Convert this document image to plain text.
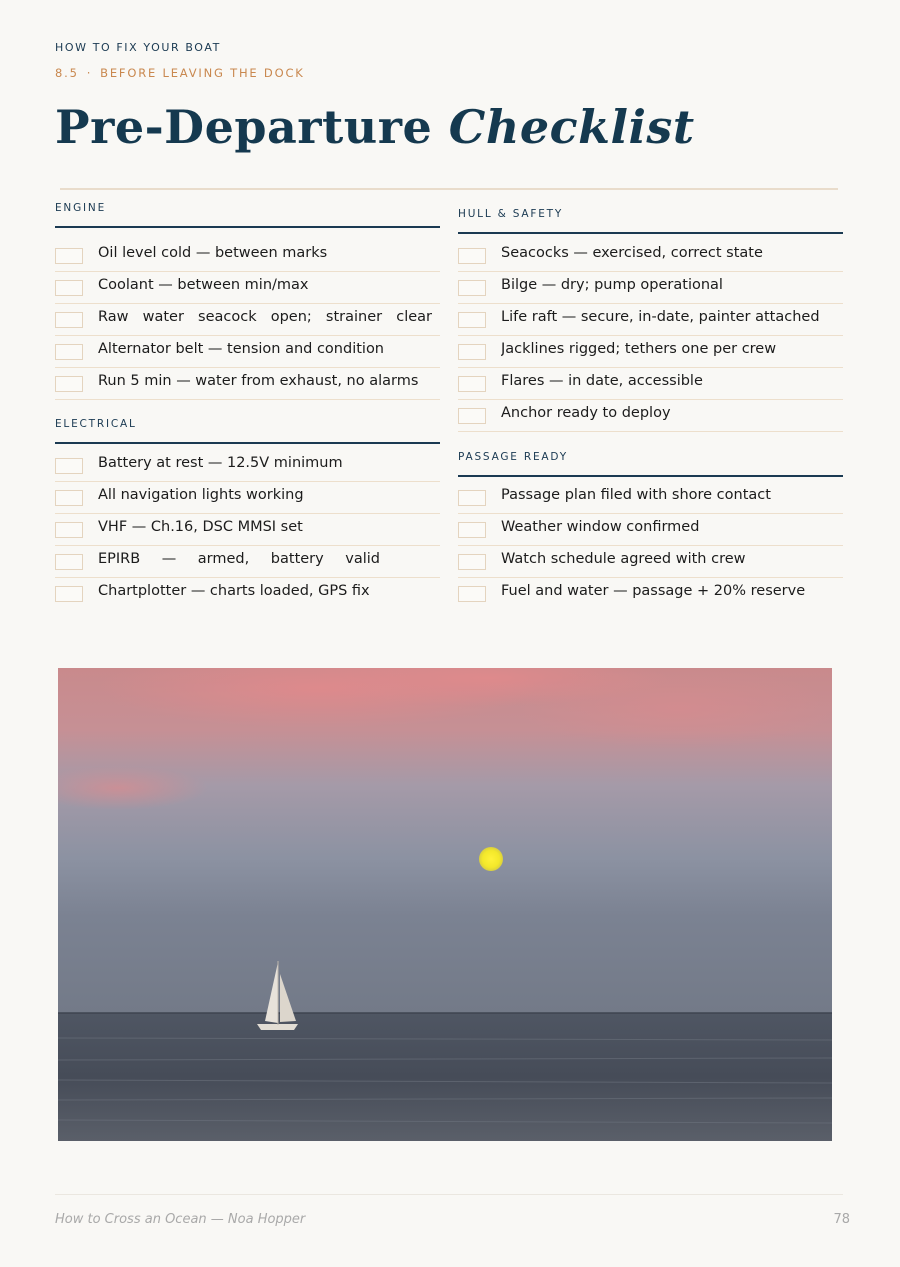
HOW TO FIX YOUR BOAT
8.5 · BEFORE LEAVING THE DOCK
Pre-Departure Checklist
ENGINE
Oil level cold — between marks
Coolant — between min/max
Raw water seacock open; strainer clear
Alternator belt — tension and condition
Run 5 min — water from exhaust, no alarms
ELECTRICAL
Battery at rest — 12.5V minimum
All navigation lights working
VHF — Ch.16, DSC MMSI set
EPIRB — armed, battery valid
Chartplotter — charts loaded, GPS fix
HULL & SAFETY
Seacocks — exercised, correct state
Bilge — dry; pump operational
Life raft — secure, in-date, painter attached
Jacklines rigged; tethers one per crew
Flares — in date, accessible
Anchor ready to deploy
PASSAGE READY
Passage plan filed with shore contact
Weather window confirmed
Watch schedule agreed with crew
Fuel and water — passage + 20% reserve
How to Cross an Ocean — Noa Hopper	78
